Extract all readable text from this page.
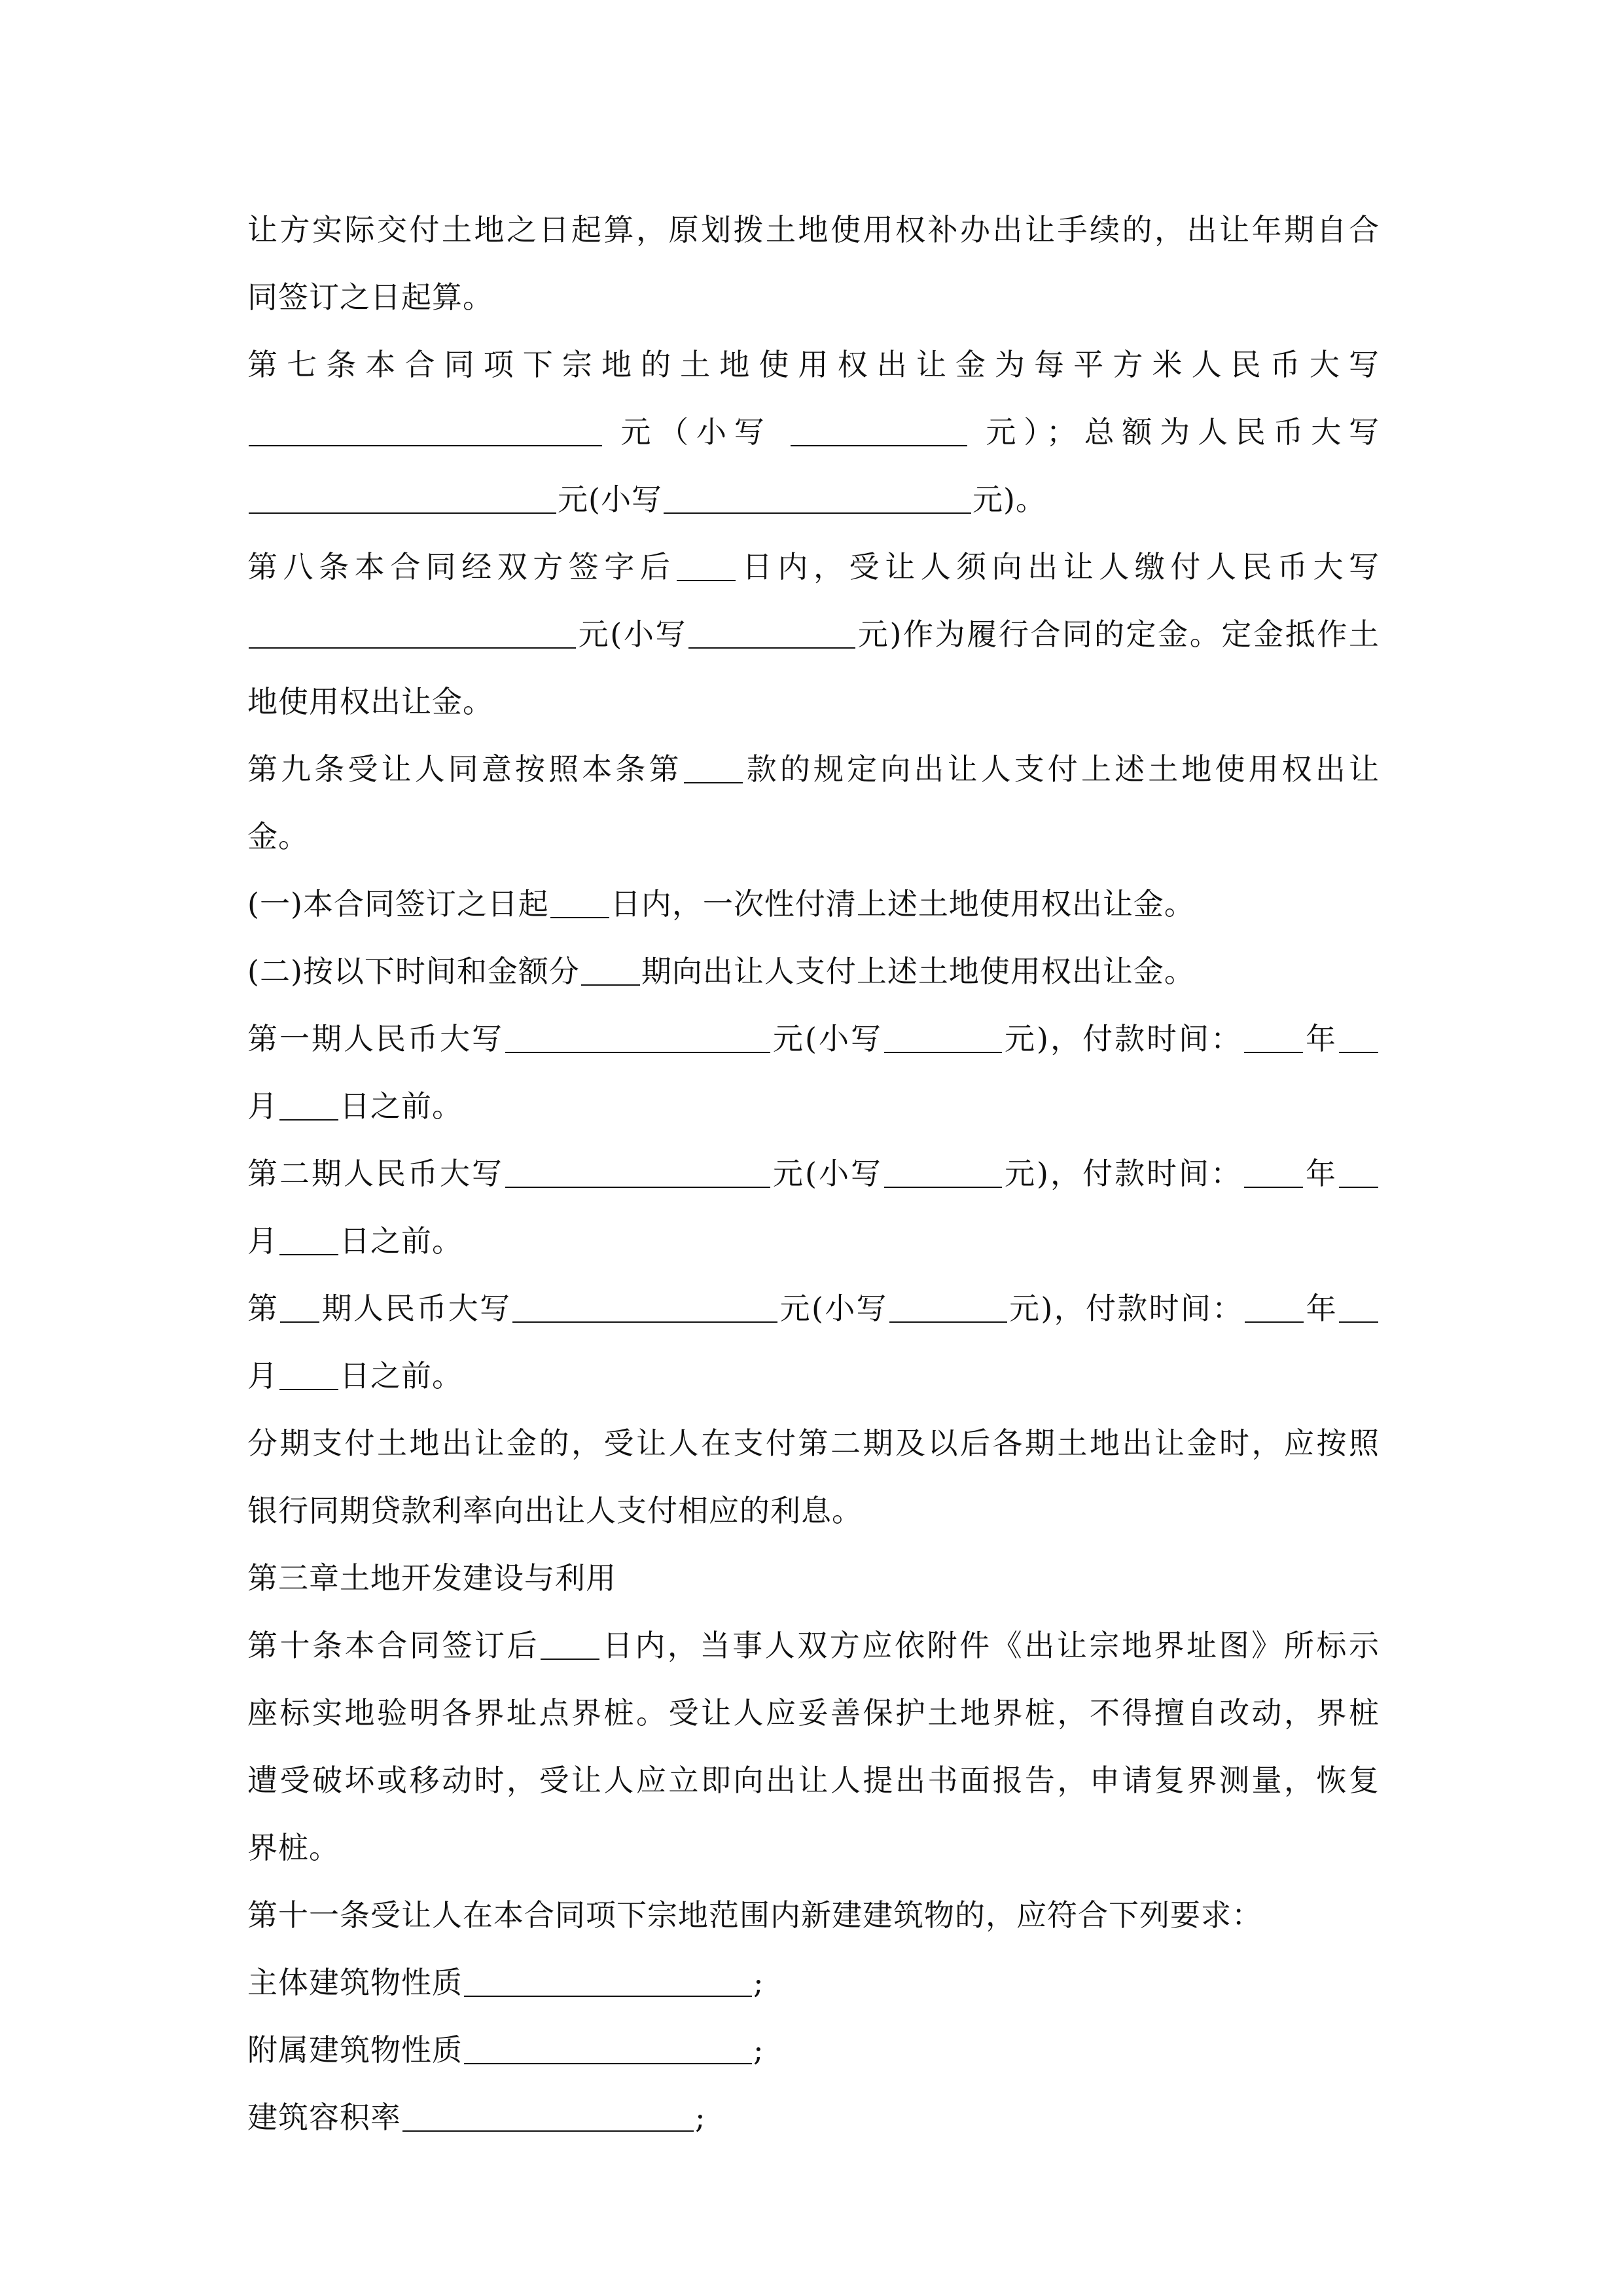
让方实际交付土地之日起算，原划拨土地使用权补办出让手续的，出让年期自合
同签订之日起算。
第七条本合同项下宗地的土地使用权出让金为每平方米人民币大写
元（小写	元）；总额为人民币大写
元(小写	元)。
第八条本合同经双方签字后 日内，受让人须向出让人缴付人民币大写
元(小写	元)作为履行合同的定金。定金抵作土
地使用权出让金。
第九条受让人同意按照本条第 款的规定向出让人支付上述土地使用权出让
金。
(一)本合同签订之日起 日内，一次性付清上述土地使用权出让金。
(二)按以下时间和金额分 期向出让人支付上述土地使用权出让金。
第一期人民币大写	元(小写	元)，付款时间： 年
月 日之前。
第二期人民币大写	元(小写	元)，付款时间： 年
月 日之前。
第 期人民币大写	元(小写	元)，付款时间： 年
月 日之前。
分期支付土地出让金的，受让人在支付第二期及以后各期土地出让金时，应按照
银行同期贷款利率向出让人支付相应的利息。
第三章土地开发建设与利用
第十条本合同签订后 日内，当事人双方应依附件《出让宗地界址图》所标示
座标实地验明各界址点界桩。受让人应妥善保护土地界桩，不得擅自改动，界桩
遭受破坏或移动时，受让人应立即向出让人提出书面报告，申请复界测量，恢复
界桩。
第十一条受让人在本合同项下宗地范围内新建建筑物的，应符合下列要求：
主体建筑物性质	;
附属建筑物性质	;
建筑容积率	;
